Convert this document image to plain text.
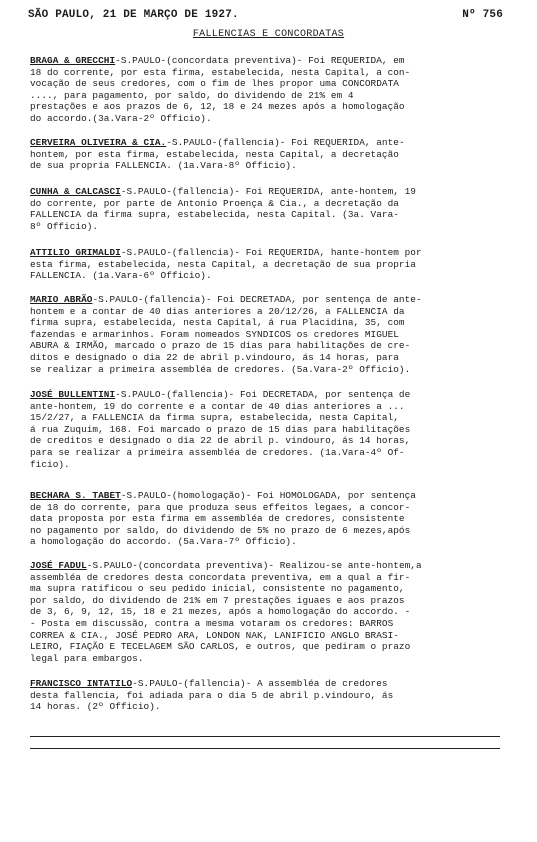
SÃO PAULO, 21 DE MARÇO DE 1927.	Nº 756
FALLENCIAS E CONCORDATAS
BRAGA & GRECCHI-S.PAULO-(concordata preventiva)- Foi REQUERIDA, em
18 do corrente, por esta firma, estabelecida, nesta Capital, a con-
vocação de seus credores, com o fim de lhes propor uma CONCORDATA
...., para pagamento, por saldo, do dividendo de 21% em 4
prestações e aos prazos de 6, 12, 18 e 24 mezes após a homologação
do accordo.(3a.Vara-2º Officio).
CERVEIRA OLIVEIRA & CIA.-S.PAULO-(fallencia)- Foi REQUERIDA, ante-
hontem, por esta firma, estabelecida, nesta Capital, a decretação
de sua propria FALLENCIA. (1a.Vara-8º Officio).
CUNHA & CALCASCI-S.PAULO-(fallencia)- Foi REQUERIDA, ante-hontem, 19
do corrente, por parte de Antonio Proença & Cia., a decretação da
FALLENCIA da firma supra, estabelecida, nesta Capital. (3a. Vara-
8º Officio).
ATTILIO GRIMALDI-S.PAULO-(fallencia)- Foi REQUERIDA, hante-hontem por
esta firma, estabelecida, nesta Capital, a decretação de sua propria
FALLENCIA. (1a.Vara-6º Officio).
MARIO ABRÃO-S.PAULO-(fallencia)- Foi DECRETADA, por sentença de ante-
hontem e a contar de 40 dias anteriores a 20/12/26, a FALLENCIA da
firma supra, estabelecida, nesta Capital, á rua Placidina, 35, com
fazendas e armarinhos. Foram nomeados SYNDICOS os credores MIGUEL
ABURA & IRMÃO, marcado o prazo de 15 dias para habilitações de cre-
ditos e designado o dia 22 de abril p.vindouro, ás 14 horas, para
se realizar a primeira assembléa de credores. (5a.Vara-2º Officio).
JOSÉ BULLENTINI-S.PAULO-(fallencia)- Foi DECRETADA, por sentença de
ante-hontem, 19 do corrente e a contar de 40 dias anteriores a ...
15/2/27, a FALLENCIA da firma supra, estabelecida, nesta Capital,
á rua Zuquim, 168. Foi marcado o prazo de 15 dias para habilitações
de creditos e designado o dia 22 de abril p. vindouro, ás 14 horas,
para se realizar a primeira assembléa de credores. (1a.Vara-4º Of-
ficio).
BECHARA S. TABET-S.PAULO-(homologação)- Foi HOMOLOGADA, por sentença
de 18 do corrente, para que produza seus effeitos legaes, a concor-
data proposta por esta firma em assembléa de credores, consistente
no pagamento por saldo, do dividendo de 5% no prazo de 6 mezes,após
a homologação do accordo. (5a.Vara-7º Officio).
JOSÉ FADUL-S.PAULO-(concordata preventiva)- Realizou-se ante-hontem,a
assembléa de credores desta concordata preventiva, em a qual a fir-
ma supra ratificou o seu pedido inicial, consistente no pagamento,
por saldo, do dividendo de 21% em 7 prestações iguaes e aos prazos
de 3, 6, 9, 12, 15, 18 e 21 mezes, após a homologação do accordo. -
- Posta em discussão, contra a mesma votaram os credores: BARROS
CORREA & CIA., JOSÉ PEDRO ARA, LONDON NAK, LANIFICIO ANGLO BRASI-
LEIRO, FIAÇÃO E TECELAGEM SÃO CARLOS, e outros, que pediram o prazo
legal para embargos.
FRANCISCO INTATILO-S.PAULO-(fallencia)- A assembléa de credores
desta fallencia, foi adiada para o dia 5 de abril p.vindouro, ás
14 horas. (2º Officio).
